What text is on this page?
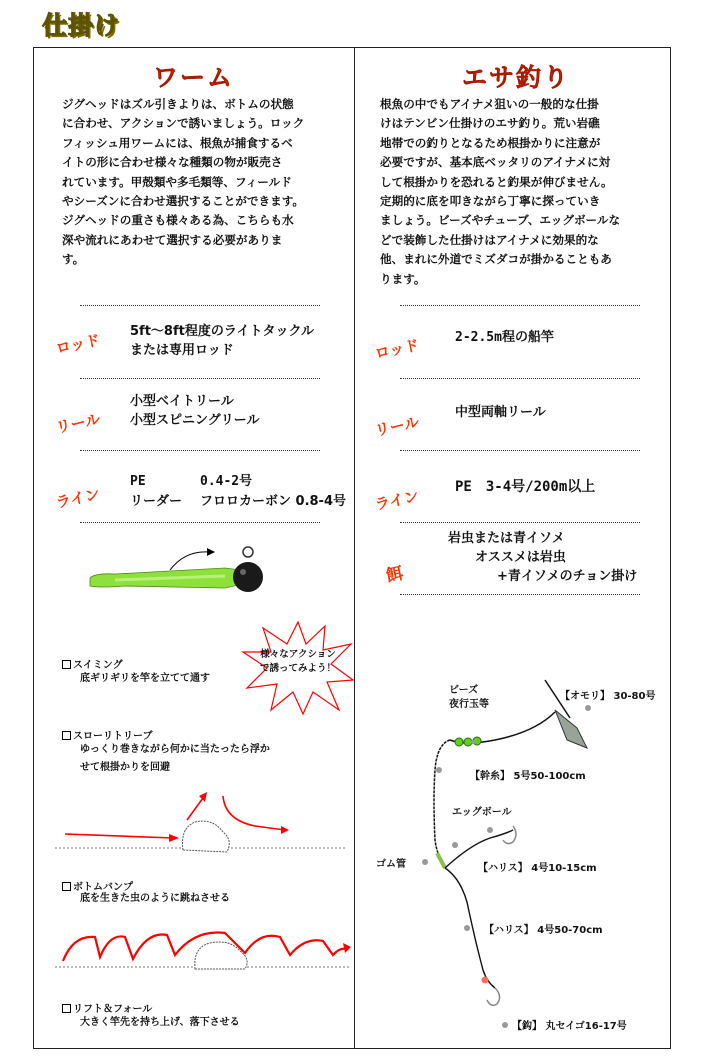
仕掛け
ワーム
ジグヘッドはズル引きよりは、ボトムの状態
に合わせ、アクションで誘いましょう。ロック
フィッシュ用ワームには、根魚が捕食するベ
イトの形に合わせ様々な種類の物が販売さ
れています。甲殻類や多毛類等、フィールド
やシーズンに合わせ選択することができます。
ジグヘッドの重さも様々ある為、こちらも水
深や流れにあわせて選択する必要がありま
す。
ロッド 5ft～8ft程度のライトタックル
または専用ロッド
リール
小型ベイトリール
小型スピニングリール
ライン
PE	0.4-2号
リーダー フロロカーボン 0.8-4号
様々なアクション
で誘ってみよう！
スイミング
底ギリギリを竿を立てて通す
スローリトリーブ
ゆっくり巻きながら何かに当たったら浮か
せて根掛かりを回避
ボトムバンプ
底を生きた虫のように跳ねさせる
リフト＆フォール
大きく竿先を持ち上げ、落下させる
エサ釣り
根魚の中でもアイナメ狙いの一般的な仕掛
けはテンビン仕掛けのエサ釣り。荒い岩礁
地帯での釣りとなるため根掛かりに注意が
必要ですが、基本底ベッタリのアイナメに対
して根掛かりを恐れると釣果が伸びません。
定期的に底を叩きながら丁寧に探っていき
ましょう。ビーズやチューブ、エッグボールな
どで装飾した仕掛けはアイナメに効果的な
他、まれに外道でミズダコが掛かることもあ
ります。
ロッド	2-2.5m程の船竿
リール
中型両軸リール
ライン PE　3-4号/200m以上
餌
岩虫または青イソメ
オススメは岩虫
+青イソメのチョン掛け
ビーズ
夜行玉等
【オモリ】 30-80号
【幹糸】 5号50-100cm
エッグボール
ゴム管	【ハリス】 4号10-15cm
【ハリス】 4号50-70cm
【鈎】 丸セイゴ16-17号
